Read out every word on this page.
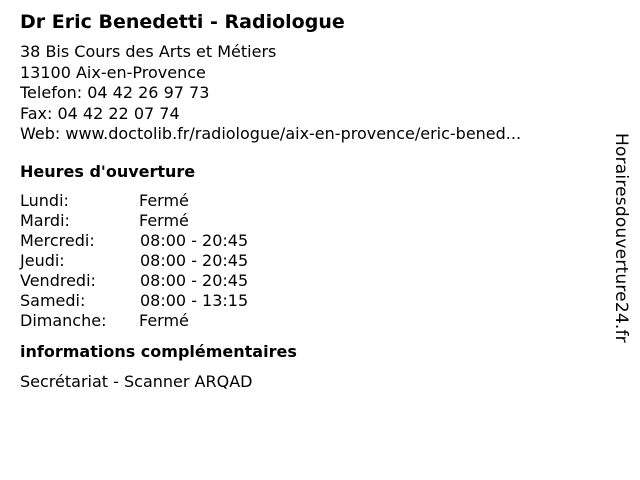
Dr Eric Benedetti - Radiologue
38 Bis Cours des Arts et Métiers
13100 Aix-en-Provence
Telefon: 04 42 26 97 73
Fax: 04 42 22 07 74
Web: www.doctolib.fr/radiologue/aix-en-provence/eric-bened...
Heures d'ouverture
Lundi:	Fermé
Mardi:	Fermé
Mercredi:	08:00 - 20:45
Jeudi:	08:00 - 20:45
Vendredi:	08:00 - 20:45
Samedi:	08:00 - 13:15
Dimanche:	Fermé
informations complémentaires
Secrétariat - Scanner ARQAD
Horairesdouverture24.fr
